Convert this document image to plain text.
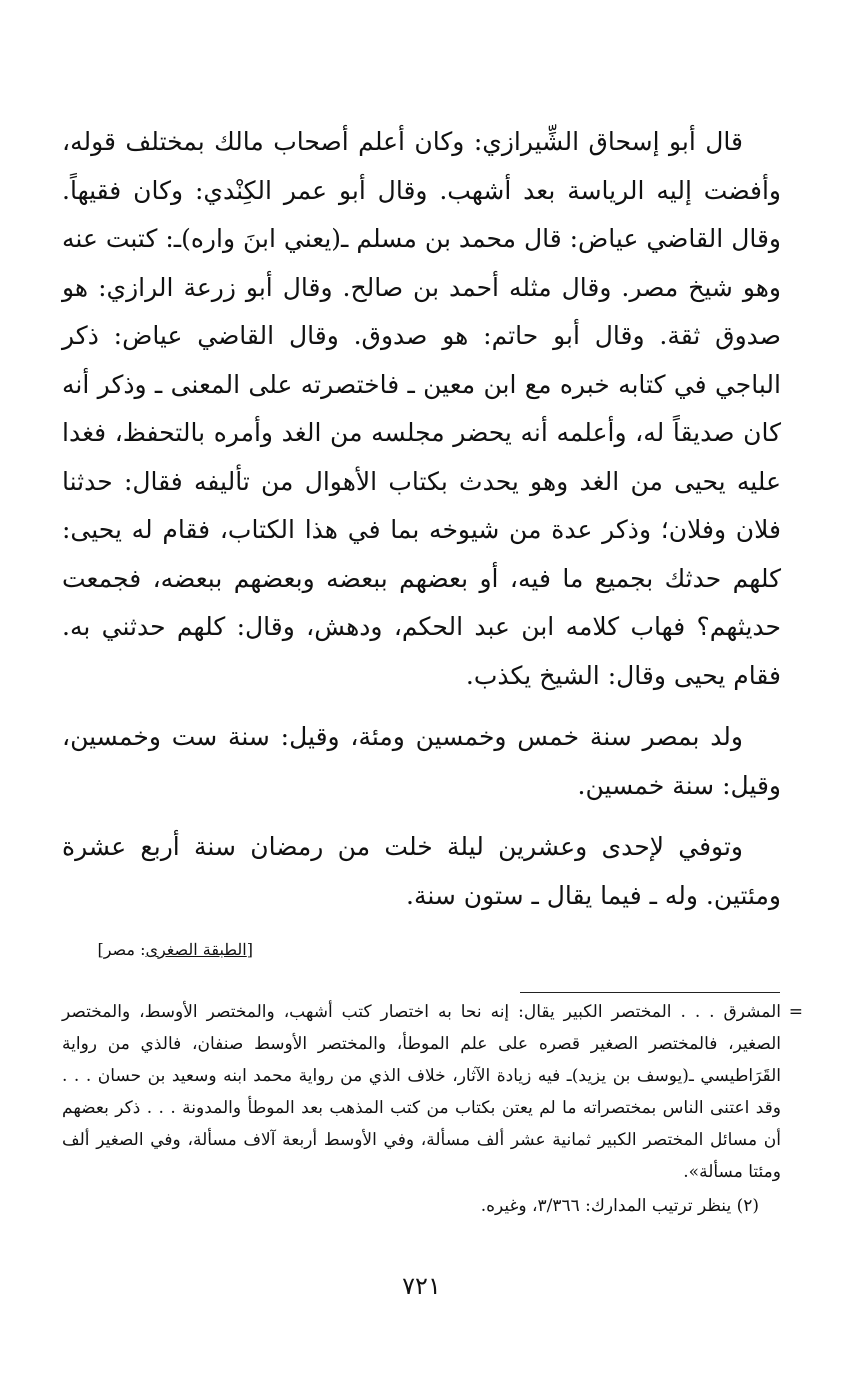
قال أبو إسحاق الشِّيرازي: وكان أعلم أصحاب مالك بمختلف قوله، وأفضت إليه الرياسة بعد أشهب. وقال أبو عمر الكِنْدي: وكان فقيهاً. وقال القاضي عياض: قال محمد بن مسلم ـ(يعني ابنَ واره)ـ: كتبت عنه وهو شيخ مصر. وقال مثله أحمد بن صالح. وقال أبو زرعة الرازي: هو صدوق ثقة. وقال أبو حاتم: هو صدوق. وقال القاضي عياض: ذكر الباجي في كتابه خبره مع ابن معين ـ فاختصرته على المعنى ـ وذكر أنه كان صديقاً له، وأعلمه أنه يحضر مجلسه من الغد وأمره بالتحفظ، فغدا عليه يحيى من الغد وهو يحدث بكتاب الأهوال من تأليفه فقال: حدثنا فلان وفلان؛ وذكر عدة من شيوخه بما في هذا الكتاب، فقام له يحيى: كلهم حدثك بجميع ما فيه، أو بعضهم ببعضه وبعضهم ببعضه، فجمعت حديثهم؟ فهاب كلامه ابن عبد الحكم، ودهش، وقال: كلهم حدثني به. فقام يحيى وقال: الشيخ يكذب.

ولد بمصر سنة خمس وخمسين ومئة، وقيل: سنة ست وخمسين، وقيل: سنة خمسين.

وتوفي لإحدى وعشرين ليلة خلت من رمضان سنة أربع عشرة ومئتين. وله ـ فيما يقال ـ ستون سنة.

[الطبقة الصغرى: مصر]
=
المشرق . . . المختصر الكبير يقال: إنه نحا به اختصار كتب أشهب، والمختصر الأوسط، والمختصر الصغير، فالمختصر الصغير قصره على علم الموطأ، والمختصر الأوسط صنفان، فالذي من رواية القَرَاطيسي ـ(يوسف بن يزيد)ـ فيه زيادة الآثار، خلاف الذي من رواية محمد ابنه وسعيد بن حسان . . . وقد اعتنى الناس بمختصراته ما لم يعتن بكتاب من كتب المذهب بعد الموطأ والمدونة . . . ذكر بعضهم أن مسائل المختصر الكبير ثمانية عشر ألف مسألة، وفي الأوسط أربعة آلاف مسألة، وفي الصغير ألف ومئتا مسألة».
(٢) ينظر ترتيب المدارك: ٣/٣٦٦، وغيره.
٧٢١
